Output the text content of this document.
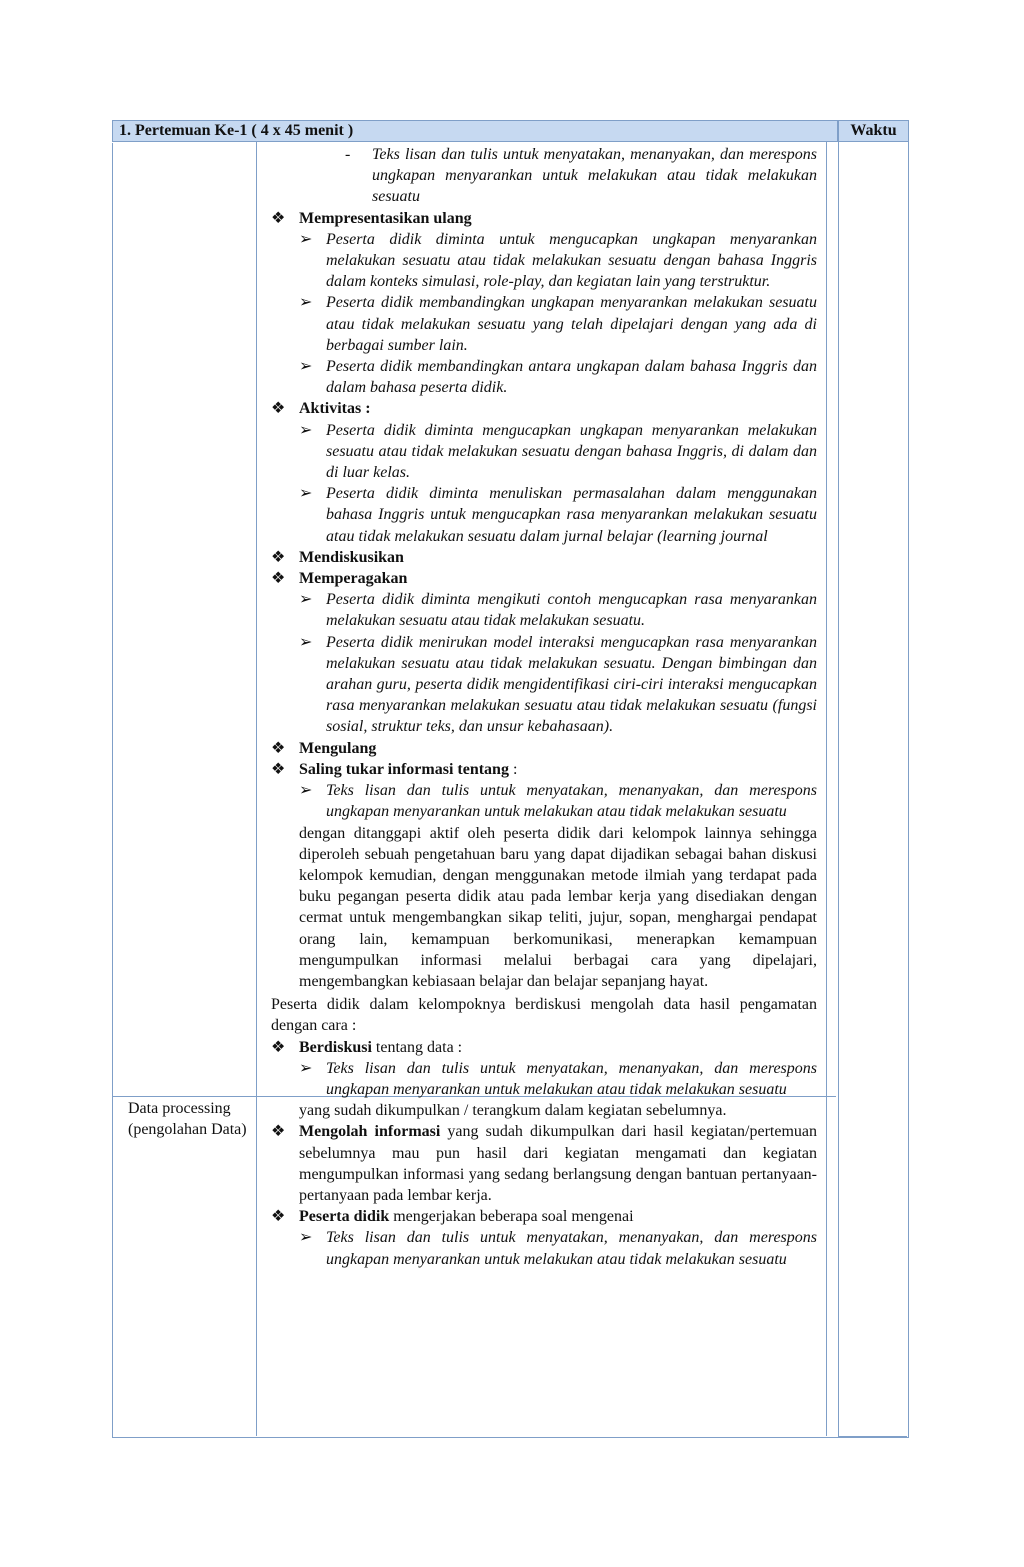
1. Pertemuan Ke-1 ( 4 x 45 menit )	Waktu
Data processing (pengolahan Data)
- Teks lisan dan tulis untuk menyatakan, menanyakan, dan merespons ungkapan menyarankan untuk melakukan atau tidak melakukan sesuatu
❖ Mempresentasikan ulang
➢ Peserta didik diminta untuk mengucapkan ungkapan menyarankan melakukan sesuatu atau tidak melakukan sesuatu dengan bahasa Inggris dalam konteks simulasi, role-play, dan kegiatan lain yang terstruktur.
➢ Peserta didik membandingkan ungkapan menyarankan melakukan sesuatu atau tidak melakukan sesuatu yang telah dipelajari dengan yang ada di berbagai sumber lain.
➢ Peserta didik membandingkan antara ungkapan dalam bahasa Inggris dan dalam bahasa peserta didik.
❖ Aktivitas :
➢ Peserta didik diminta mengucapkan ungkapan menyarankan melakukan sesuatu atau tidak melakukan sesuatu dengan bahasa Inggris, di dalam dan di luar kelas.
➢ Peserta didik diminta menuliskan permasalahan dalam menggunakan bahasa Inggris untuk mengucapkan rasa menyarankan melakukan sesuatu atau tidak melakukan sesuatu dalam jurnal belajar (learning journal
❖ Mendiskusikan
❖ Memperagakan
➢ Peserta didik diminta mengikuti contoh mengucapkan rasa menyarankan melakukan sesuatu atau tidak melakukan sesuatu.
➢ Peserta didik menirukan model interaksi mengucapkan rasa menyarankan melakukan sesuatu atau tidak melakukan sesuatu. Dengan bimbingan dan arahan guru, peserta didik mengidentifikasi ciri-ciri interaksi mengucapkan rasa menyarankan melakukan sesuatu atau tidak melakukan sesuatu (fungsi sosial, struktur teks, dan unsur kebahasaan).
❖ Mengulang
❖ Saling tukar informasi tentang :
➢ Teks lisan dan tulis untuk menyatakan, menanyakan, dan merespons ungkapan menyarankan untuk melakukan atau tidak melakukan sesuatu
dengan ditanggapi aktif oleh peserta didik dari kelompok lainnya sehingga diperoleh sebuah pengetahuan baru yang dapat dijadikan sebagai bahan diskusi kelompok kemudian, dengan menggunakan metode ilmiah yang terdapat pada buku pegangan peserta didik atau pada lembar kerja yang disediakan dengan cermat untuk mengembangkan sikap teliti, jujur, sopan, menghargai pendapat orang lain, kemampuan berkomunikasi, menerapkan kemampuan mengumpulkan informasi melalui berbagai cara yang dipelajari, mengembangkan kebiasaan belajar dan belajar sepanjang hayat.
Peserta didik dalam kelompoknya berdiskusi mengolah data hasil pengamatan dengan cara :
❖ Berdiskusi tentang data :
➢ Teks lisan dan tulis untuk menyatakan, menanyakan, dan merespons ungkapan menyarankan untuk melakukan atau tidak melakukan sesuatu
yang sudah dikumpulkan / terangkum dalam kegiatan sebelumnya.
❖ Mengolah informasi yang sudah dikumpulkan dari hasil kegiatan/pertemuan sebelumnya mau pun hasil dari kegiatan mengamati dan kegiatan mengumpulkan informasi yang sedang berlangsung dengan bantuan pertanyaan-pertanyaan pada lembar kerja.
❖ Peserta didik mengerjakan beberapa soal mengenai
➢ Teks lisan dan tulis untuk menyatakan, menanyakan, dan merespons ungkapan menyarankan untuk melakukan atau tidak melakukan sesuatu
